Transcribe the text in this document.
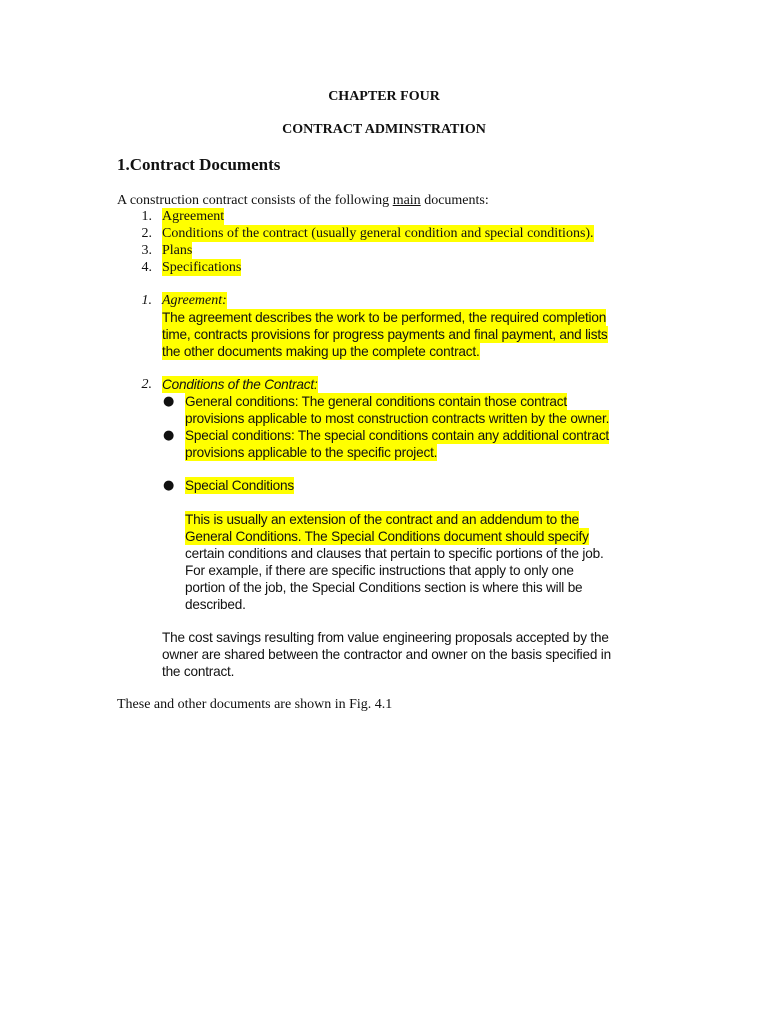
CHAPTER FOUR
CONTRACT ADMINSTRATION
1.Contract Documents
A construction contract consists of the following main documents:
1. Agreement
2. Conditions of the contract (usually general condition and special conditions).
3. Plans
4. Specifications
1. Agreement:
The agreement describes the work to be performed, the required completion
time, contracts provisions for progress payments and final payment, and lists
the other documents making up the complete contract.
2. Conditions of the Contract:
● General conditions: The general conditions contain those contract
provisions applicable to most construction contracts written by the owner.
● Special conditions: The special conditions contain any additional contract
provisions applicable to the specific project.
● Special Conditions
This is usually an extension of the contract and an addendum to the
General Conditions. The Special Conditions document should specify
certain conditions and clauses that pertain to specific portions of the job.
For example, if there are specific instructions that apply to only one
portion of the job, the Special Conditions section is where this will be
described.
The cost savings resulting from value engineering proposals accepted by the
owner are shared between the contractor and owner on the basis specified in
the contract.
These and other documents are shown in Fig. 4.1
